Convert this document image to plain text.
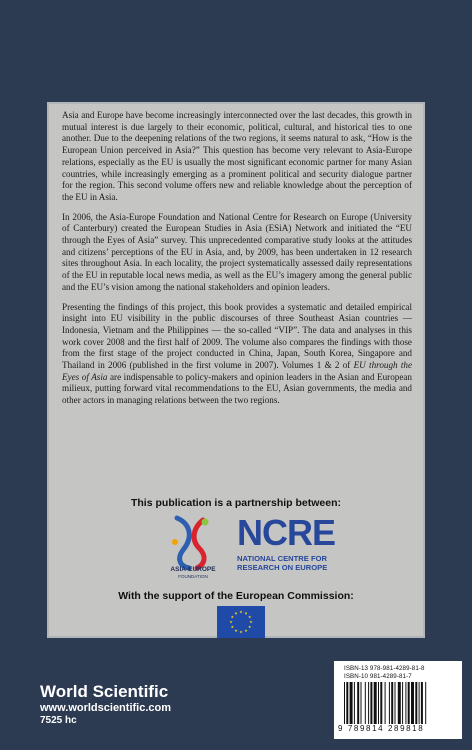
Asia and Europe have become increasingly interconnected over the last decades, this growth in mutual interest is due largely to their economic, political, cultural, and historical ties to one another. Due to the deepening relations of the two regions, it seems natural to ask, “How is the European Union perceived in Asia?” This question has become very relevant to Asia-Europe relations, especially as the EU is usually the most significant economic partner for many Asian countries, while increasingly emerging as a prominent political and security dialogue partner for the region. This second volume offers new and reliable knowledge about the perception of the EU in Asia.

In 2006, the Asia-Europe Foundation and National Centre for Research on Europe (University of Canterbury) created the European Studies in Asia (ESiA) Network and initiated the “EU through the Eyes of Asia” survey. This unprecedented comparative study looks at the attitudes and citizens’ perceptions of the EU in Asia, and, by 2009, has been undertaken in 12 research sites throughout Asia. In each locality, the project systematically assessed daily representations of the EU in reputable local news media, as well as the EU’s imagery among the general public and the EU’s vision among the national stakeholders and opinion leaders.

Presenting the findings of this project, this book provides a systematic and detailed empirical insight into EU visibility in the public discourses of three Southeast Asian countries — Indonesia, Vietnam and the Philippines — the so-called “VIP”. The data and analyses in this work cover 2008 and the first half of 2009. The volume also compares the findings with those from the first stage of the project conducted in China, Japan, South Korea, Singapore and Thailand in 2006 (published in the first volume in 2007). Volumes 1 & 2 of EU through the Eyes of Asia are indispensable to policy-makers and opinion leaders in the Asian and European milieux, putting forward vital recommendations to the EU, Asian governments, the media and other actors in managing relations between the two regions.

This publication is a partnership between:
ASIA-EUROPE
FOUNDATION
NCRE
NATIONAL CENTRE FOR
RESEARCH ON EUROPE
With the support of the European Commission:
World Scientific
www.worldscientific.com
7525 hc
ISBN-13 978-981-4289-81-8
ISBN-10 981-4289-81-7
9 789814 289818
